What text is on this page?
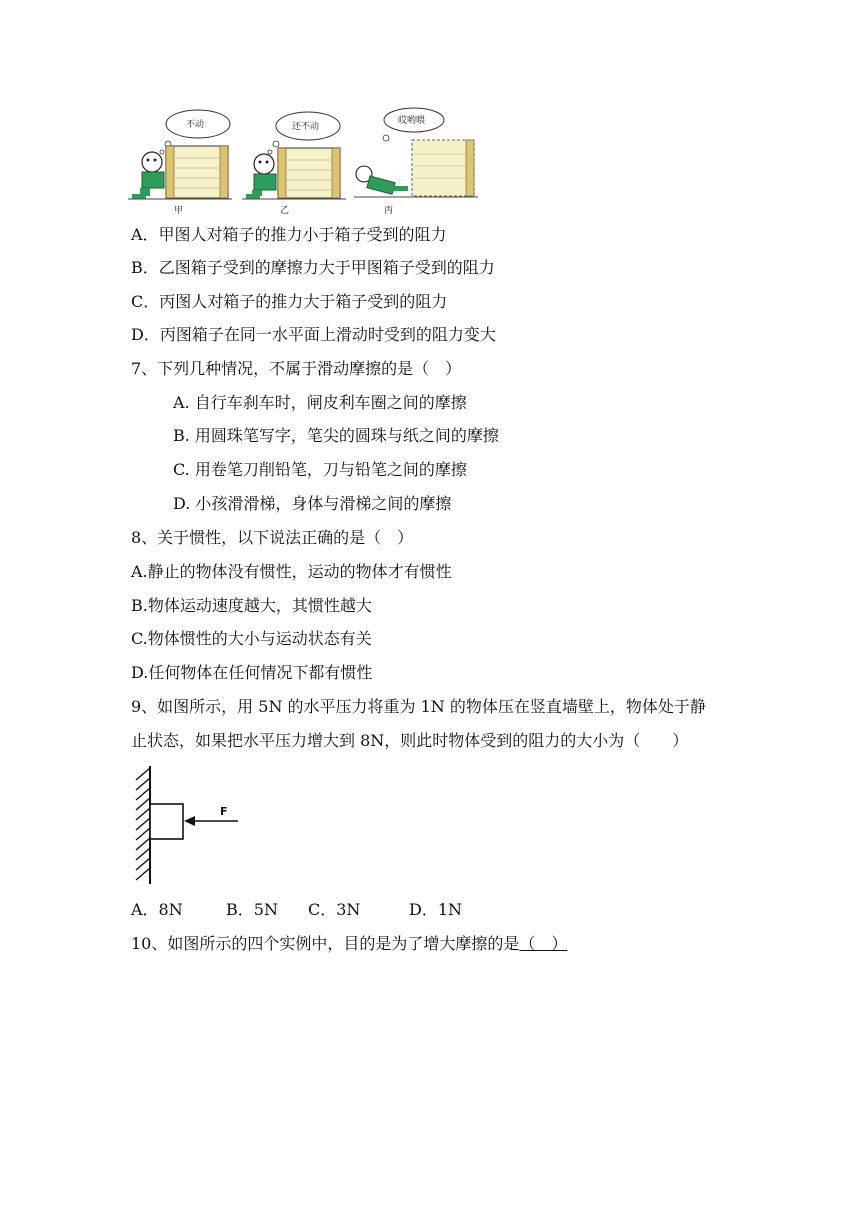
不动
甲
还不动
乙
哎哟喂
丙
A．甲图人对箱子的推力小于箱子受到的阻力
B．乙图箱子受到的摩擦力大于甲图箱子受到的阻力
C．丙图人对箱子的推力大于箱子受到的阻力
D．丙图箱子在同一水平面上滑动时受到的阻力变大
7、下列几种情况，不属于滑动摩擦的是（　）
A. 自行车刹车时，闸皮利车圈之间的摩擦
B. 用圆珠笔写字，笔尖的圆珠与纸之间的摩擦
C. 用卷笔刀削铅笔，刀与铅笔之间的摩擦
D. 小孩滑滑梯，身体与滑梯之间的摩擦
8、关于惯性，以下说法正确的是（　）
A.静止的物体没有惯性，运动的物体才有惯性
B.物体运动速度越大，其惯性越大
C.物体惯性的大小与运动状态有关
D.任何物体在任何情况下都有惯性
9、如图所示，用 5N 的水平压力将重为 1N 的物体压在竖直墙壁上，物体处于静
止状态，如果把水平压力增大到 8N，则此时物体受到的阻力的大小为（　　）
F
A．8N	B．5N C．3N	D．1N
10、如图所示的四个实例中，目的是为了增大摩擦的是（　）
